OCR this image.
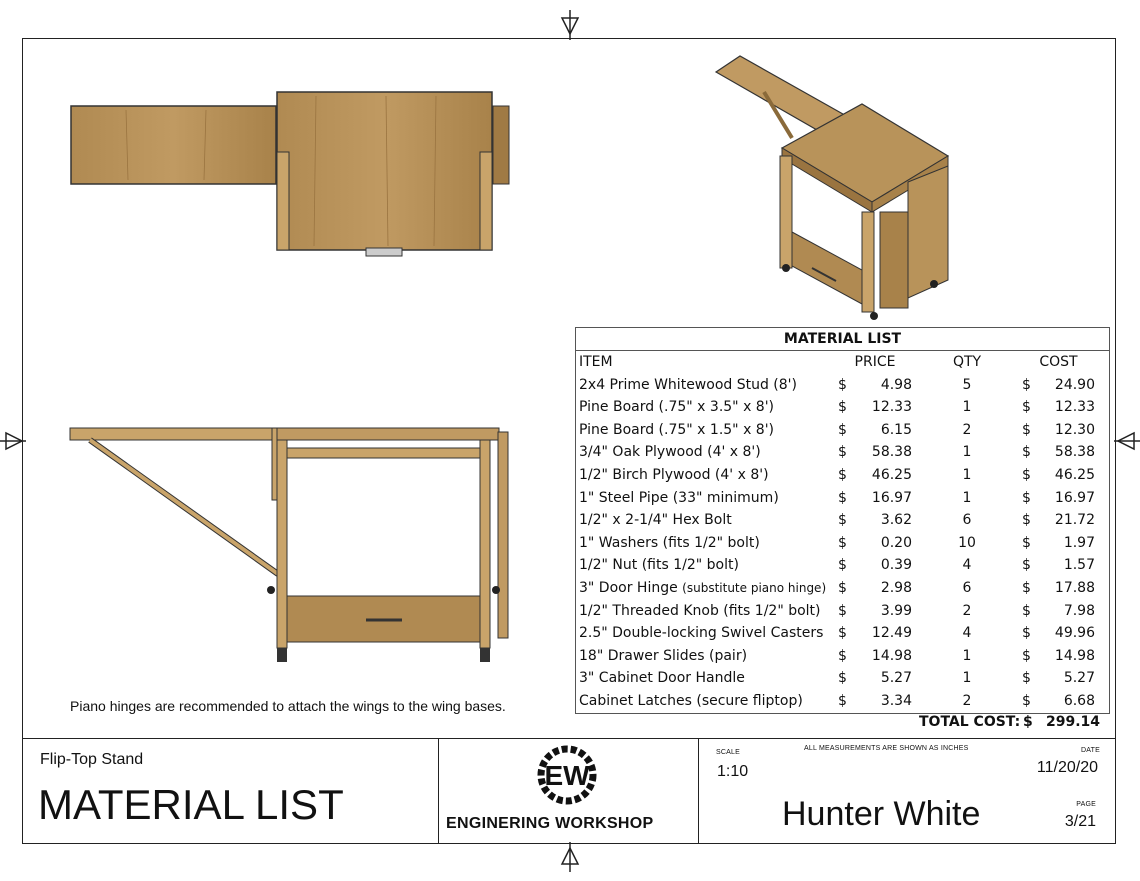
Piano hinges are recommended to attach the wings to the wing bases.
MATERIAL LIST
ITEM	PRICE	QTY	COST
2x4 Prime Whitewood Stud (8')	$	4.98	5	$	24.90
Pine Board (.75" x 3.5" x 8')	$	12.33	1	$	12.33
Pine Board (.75" x 1.5" x 8')	$	6.15	2	$	12.30
3/4" Oak Plywood (4' x 8')	$	58.38	1	$	58.38
1/2" Birch Plywood (4' x 8')	$	46.25	1	$	46.25
1" Steel Pipe (33" minimum)	$	16.97	1	$	16.97
1/2" x 2-1/4" Hex Bolt	$	3.62	6	$	21.72
1" Washers (fits 1/2" bolt)	$	0.20	10	$	1.97
1/2" Nut (fits 1/2" bolt)	$	0.39	4	$	1.57
3" Door Hinge (substitute piano hinge) $	2.98	6	$	17.88
1/2" Threaded Knob (fits 1/2" bolt)	$	3.99	2	$	7.98
2.5" Double-locking Swivel Casters	$	12.49	4	$	49.96
18" Drawer Slides (pair)	$	14.98	1	$	14.98
3" Cabinet Door Handle	$	5.27	1	$	5.27
Cabinet Latches (secure fliptop)	$	3.34	2	$	6.68
TOTAL COST: $ 299.14
Flip-Top Stand
MATERIAL LIST
EW
ENGINERING WORKSHOP
SCALE
1:10
ALL MEASUREMENTS ARE SHOWN AS INCHES	DATE
11/20/20
Hunter White	PAGE
3/21
